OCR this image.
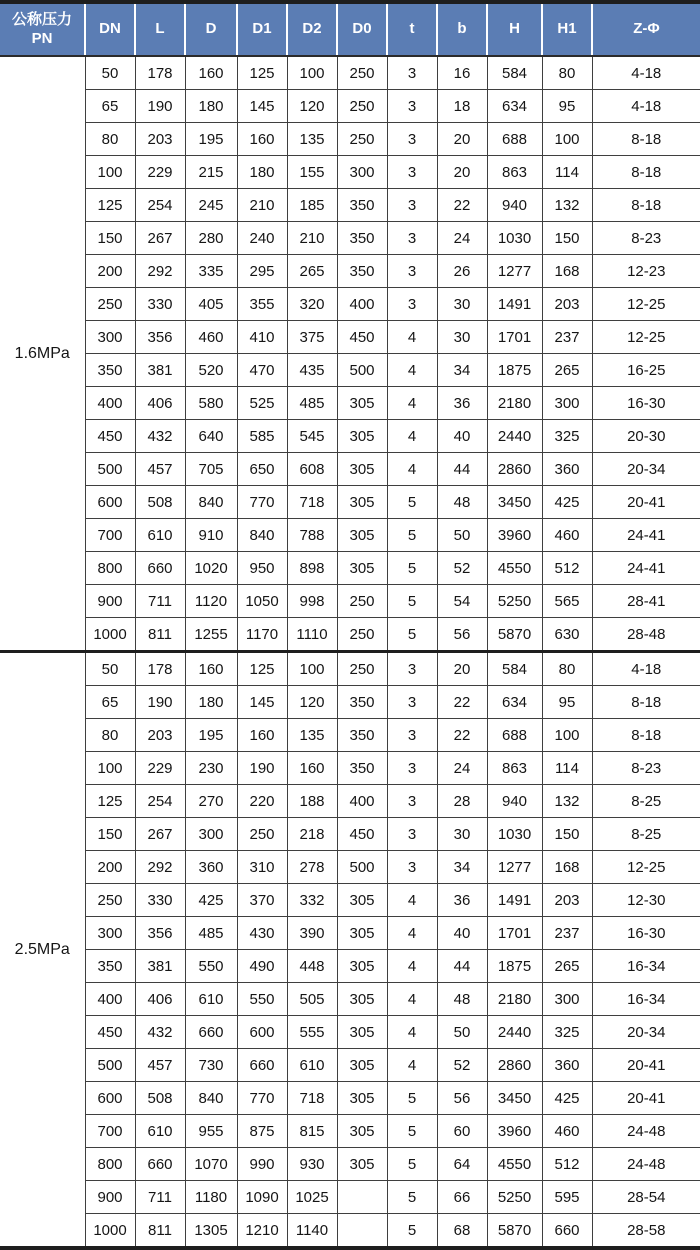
公称压力
PN	DN	L	D	D1	D2	D0	t	b	H	H1	Z-Φ
1.6MPa	50	178	160	125	100	250	3	16	584	80	4-18
	65	190	180	145	120	250	3	18	634	95	4-18
	80	203	195	160	135	250	3	20	688	100	8-18
	100	229	215	180	155	300	3	20	863	114	8-18
	125	254	245	210	185	350	3	22	940	132	8-18
	150	267	280	240	210	350	3	24	1030	150	8-23
	200	292	335	295	265	350	3	26	1277	168	12-23
	250	330	405	355	320	400	3	30	1491	203	12-25
	300	356	460	410	375	450	4	30	1701	237	12-25
	350	381	520	470	435	500	4	34	1875	265	16-25
	400	406	580	525	485	305	4	36	2180	300	16-30
	450	432	640	585	545	305	4	40	2440	325	20-30
	500	457	705	650	608	305	4	44	2860	360	20-34
	600	508	840	770	718	305	5	48	3450	425	20-41
	700	610	910	840	788	305	5	50	3960	460	24-41
	800	660	1020	950	898	305	5	52	4550	512	24-41
	900	711	1120	1050	998	250	5	54	5250	565	28-41
	1000	811	1255	1170	1110	250	5	56	5870	630	28-48
2.5MPa	50	178	160	125	100	250	3	20	584	80	4-18
	65	190	180	145	120	350	3	22	634	95	8-18
	80	203	195	160	135	350	3	22	688	100	8-18
	100	229	230	190	160	350	3	24	863	114	8-23
	125	254	270	220	188	400	3	28	940	132	8-25
	150	267	300	250	218	450	3	30	1030	150	8-25
	200	292	360	310	278	500	3	34	1277	168	12-25
	250	330	425	370	332	305	4	36	1491	203	12-30
	300	356	485	430	390	305	4	40	1701	237	16-30
	350	381	550	490	448	305	4	44	1875	265	16-34
	400	406	610	550	505	305	4	48	2180	300	16-34
	450	432	660	600	555	305	4	50	2440	325	20-34
	500	457	730	660	610	305	4	52	2860	360	20-41
	600	508	840	770	718	305	5	56	3450	425	20-41
	700	610	955	875	815	305	5	60	3960	460	24-48
	800	660	1070	990	930	305	5	64	4550	512	24-48
	900	711	1180	1090	1025		5	66	5250	595	28-54
	1000	811	1305	1210	1140		5	68	5870	660	28-58
